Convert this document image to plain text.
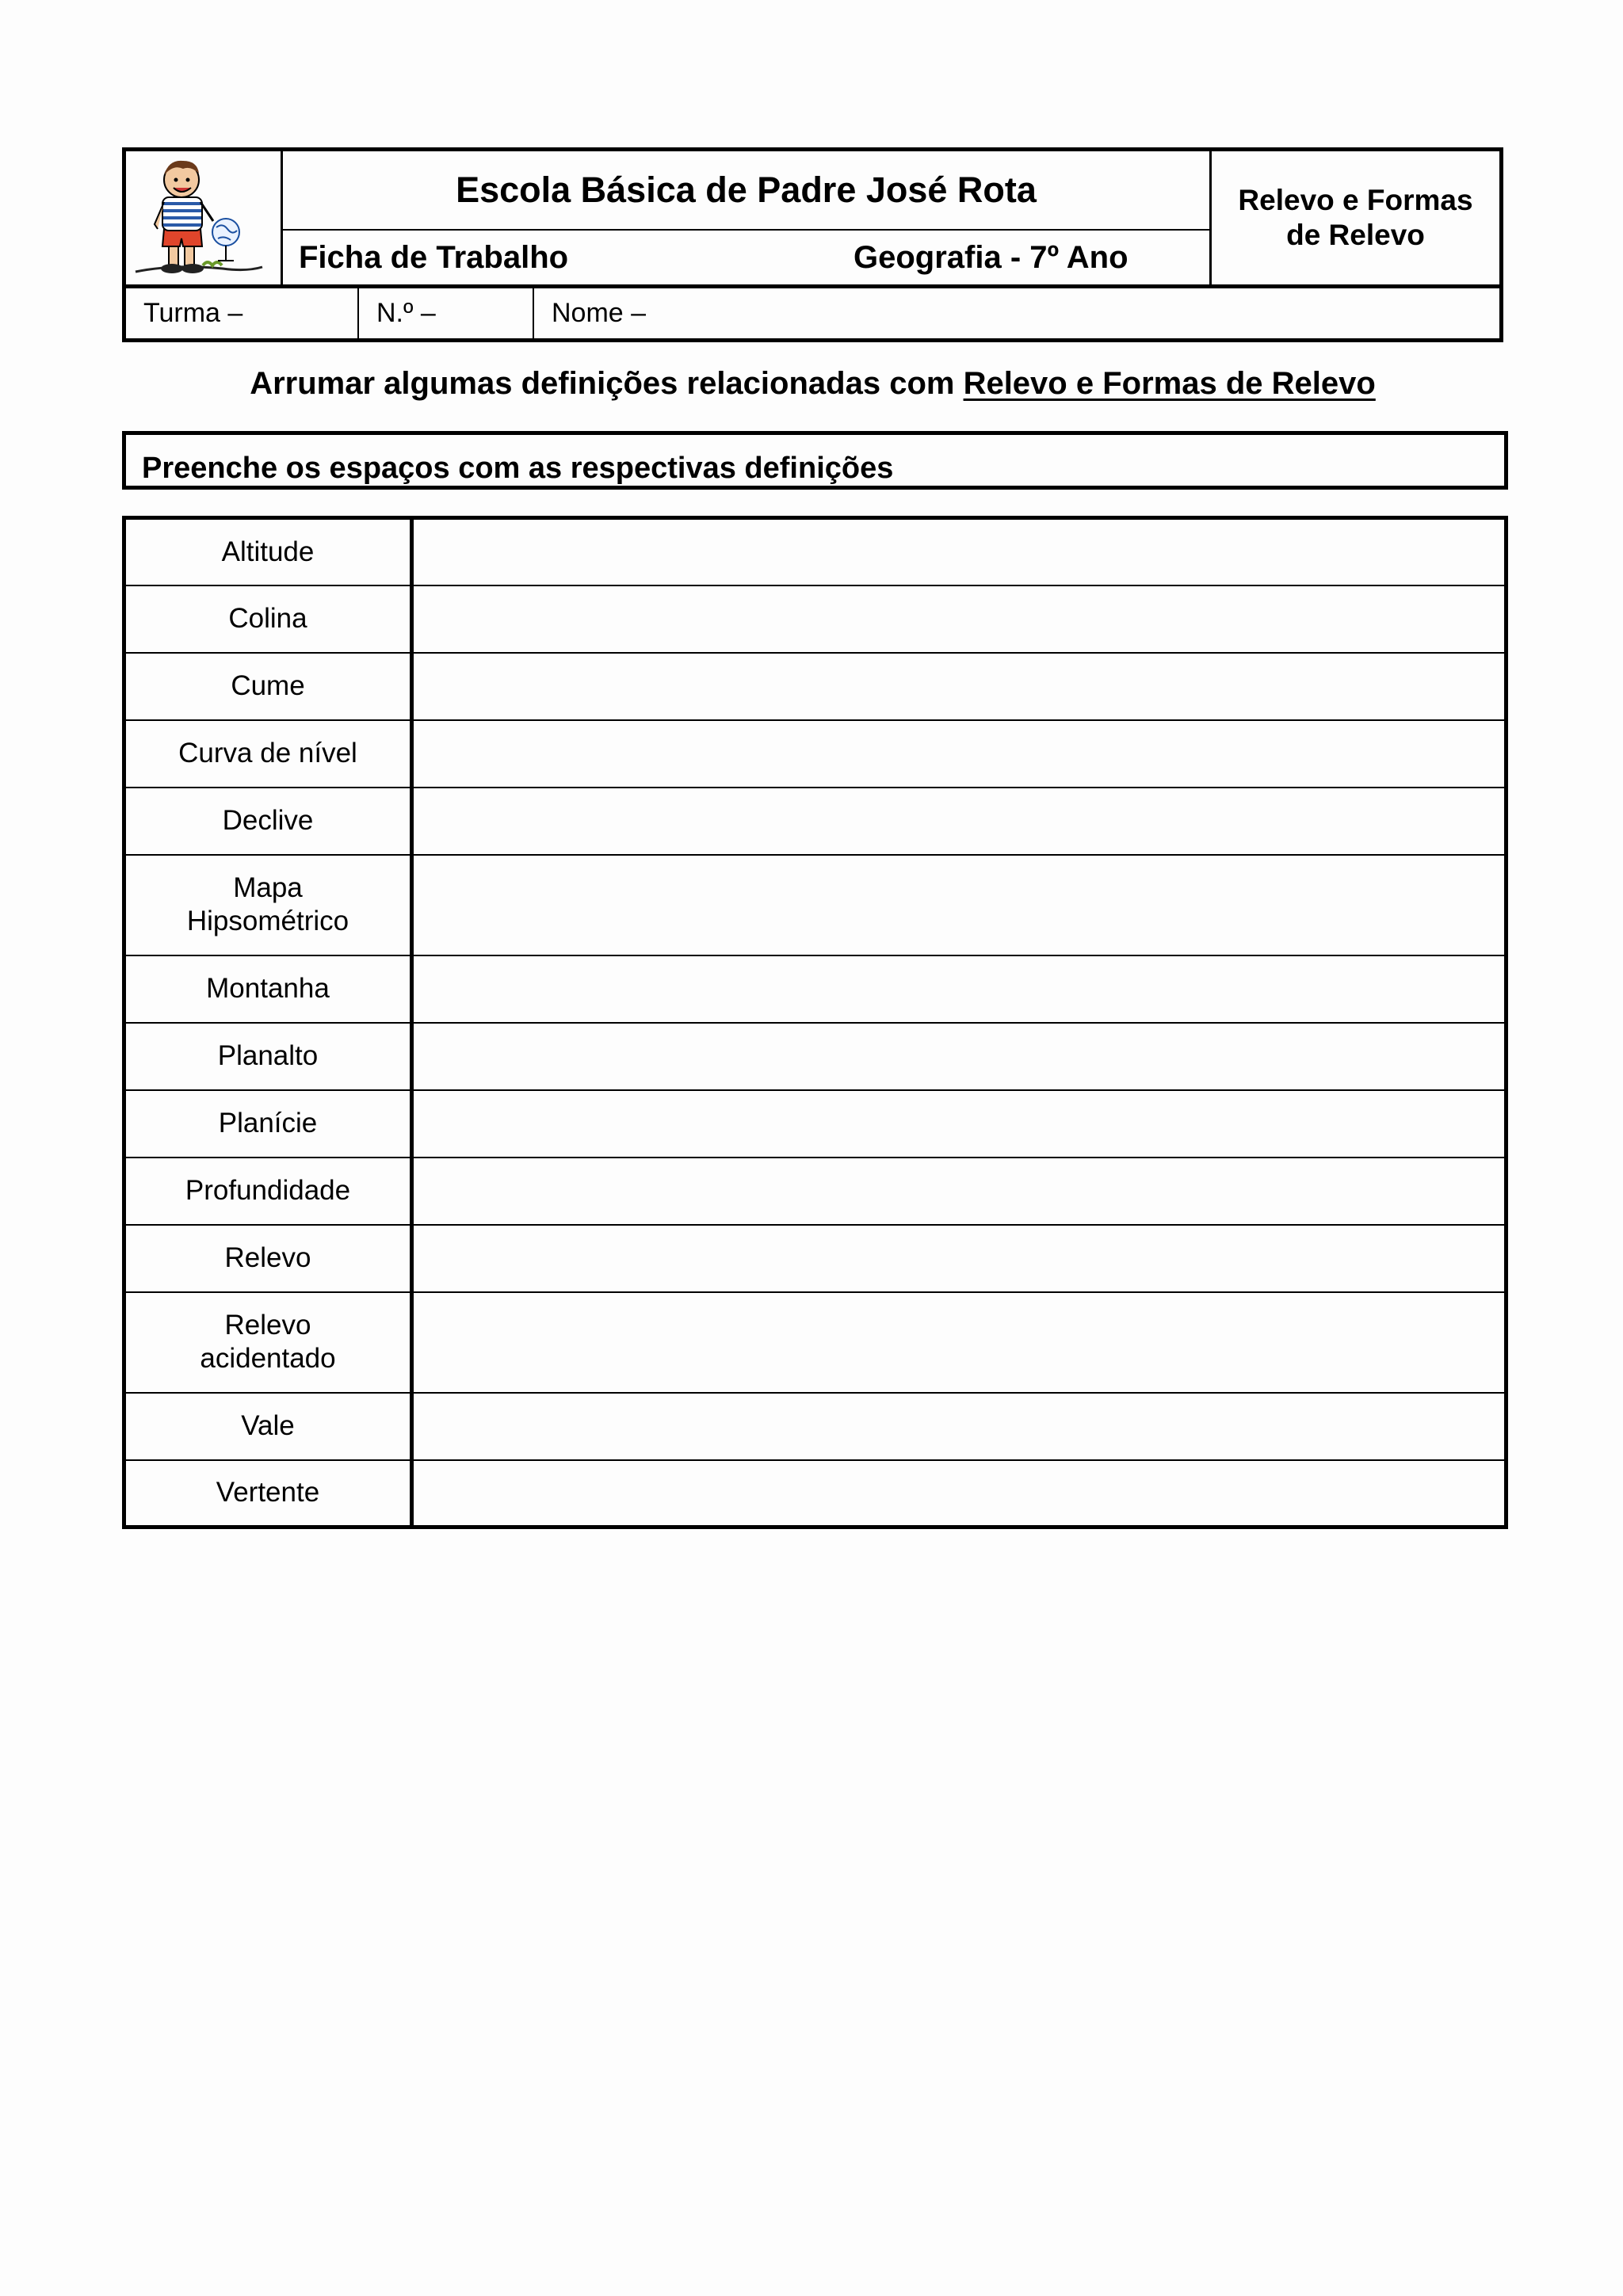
Escola Básica de Padre José Rota
Ficha de Trabalho	Geografia - 7º Ano
Relevo e Formas de Relevo
Turma –	N.º –	Nome –
Arrumar algumas definições relacionadas com Relevo e Formas de Relevo
Preenche os espaços com as respectivas definições
Altitude	
Colina	
Cume	
Curva de nível	
Declive	
Mapa Hipsométrico	
Montanha	
Planalto	
Planície	
Profundidade	
Relevo	
Relevo acidentado	
Vale	
Vertente	
